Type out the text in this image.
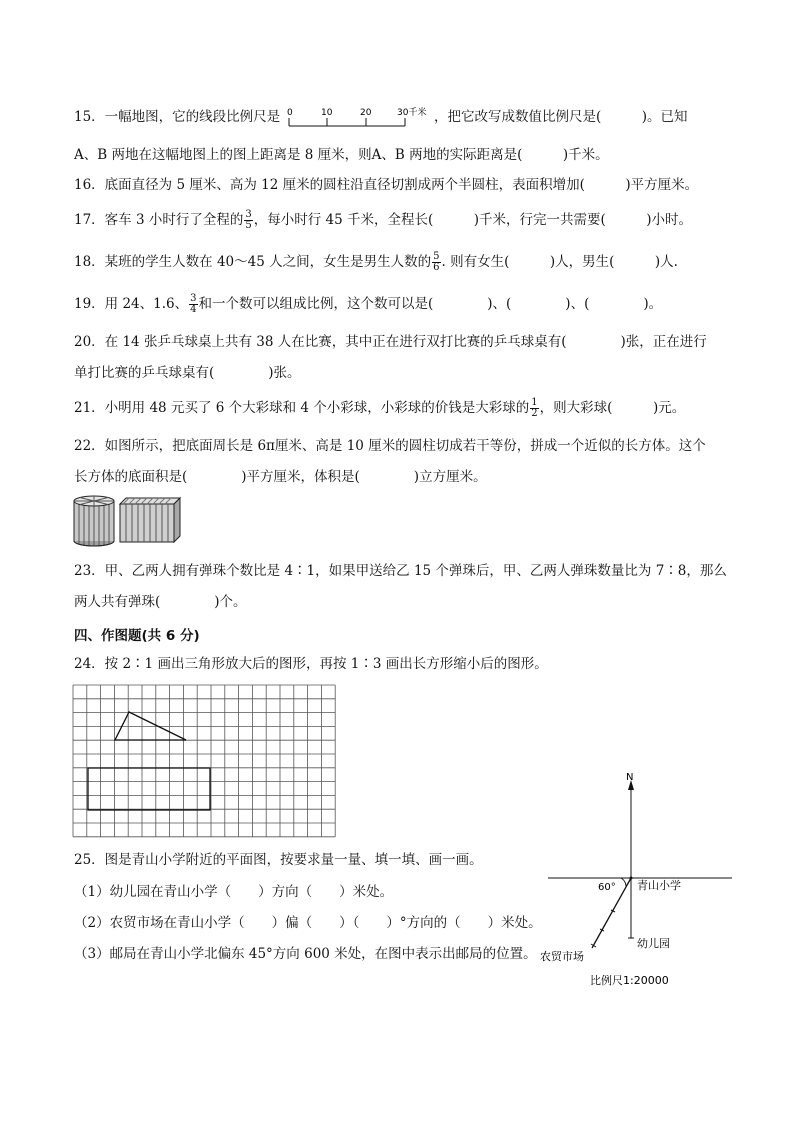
15．一幅地图，它的线段比例尺是 0	10	20	30千米 ，把它改写成数值比例尺是(　　　)。已知
A、B 两地在这幅地图上的图上距离是 8 厘米，则A、B 两地的实际距离是(　　　)千米。
16．底面直径为 5 厘米、高为 12 厘米的圆柱沿直径切割成两个半圆柱，表面积增加(　　　)平方厘米。
17．客车 3 小时行了全程的 $\frac{3}{5}$ ，每小时行 45 千米，全程长(　　　)千米，行完一共需要(　　　)小时。
18．某班的学生人数在 40～45 人之间，女生是男生人数的 $\frac{5}{6}$ . 则有女生(　　　)人，男生(　　　)人.
19．用 24、1.6、 $\frac{3}{4}$ 和一个数可以组成比例，这个数可以是(　　　　)、(　　　　)、(　　　　)。
20．在 14 张乒乓球桌上共有 38 人在比赛，其中正在进行双打比赛的乒乓球桌有(　　　　)张，正在进行
单打比赛的乒乓球桌有(　　　　)张。
21．小明用 48 元买了 6 个大彩球和 4 个小彩球，小彩球的价钱是大彩球的 $\frac{1}{2}$ ，则大彩球(　　　)元。
22．如图所示，把底面周长是 6π厘米、高是 10 厘米的圆柱切成若干等份，拼成一个近似的长方体。这个
长方体的底面积是(　　　　)平方厘米，体积是(　　　　)立方厘米。
23．甲、乙两人拥有弹珠个数比是 4∶1，如果甲送给乙 15 个弹珠后，甲、乙两人弹珠数量比为 7∶8，那么
两人共有弹珠(　　　　)个。
四、作图题(共 6 分)
24．按 2∶1 画出三角形放大后的图形，再按 1∶3 画出长方形缩小后的图形。
25．图是青山小学附近的平面图，按要求量一量、填一填、画一画。
（1）幼儿园在青山小学（　　）方向（　　）米处。
（2）农贸市场在青山小学（　　）偏（　　）（　　）°方向的（　　）米处。
（3）邮局在青山小学北偏东 45°方向 600 米处，在图中表示出邮局的位置。
N
60° 青山小学
幼儿园
农贸市场
比例尺1:20000
